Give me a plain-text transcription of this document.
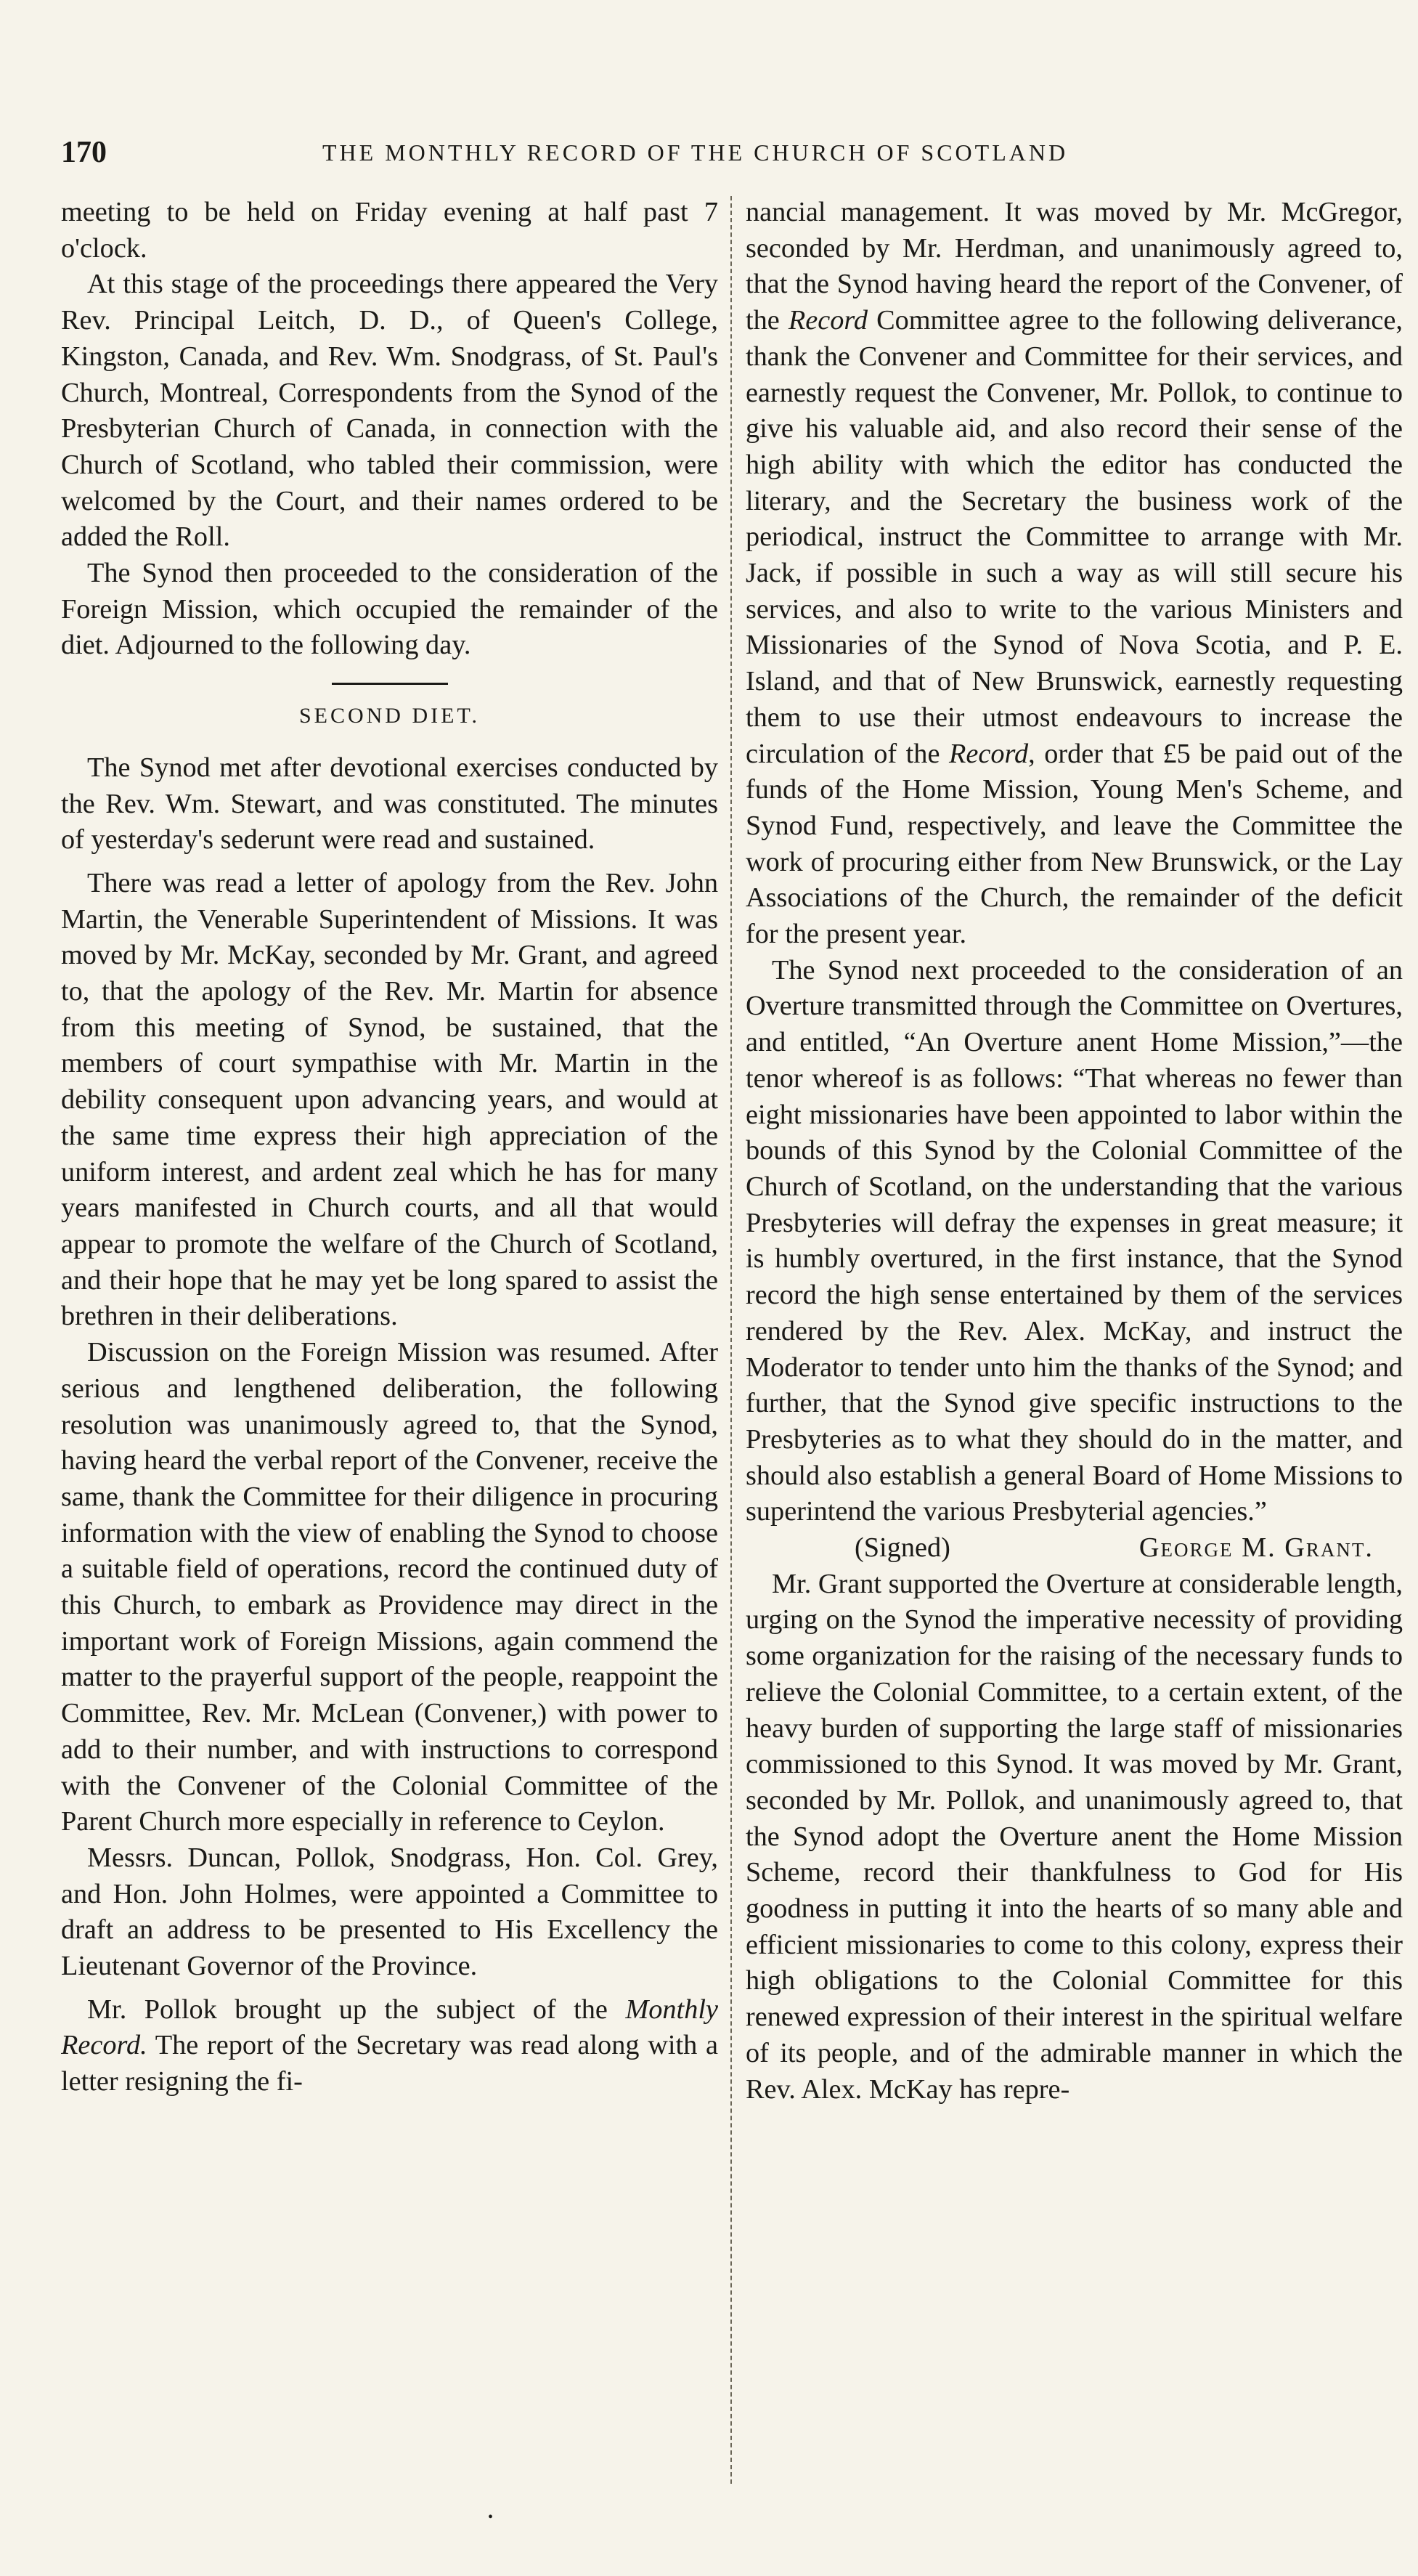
170	THE MONTHLY RECORD OF THE CHURCH OF SCOTLAND

meeting to be held on Friday evening at half past 7 o'clock.

At this stage of the proceedings there appeared the Very Rev. Principal Leitch, D. D., of Queen's College, Kingston, Canada, and Rev. Wm. Snodgrass, of St. Paul's Church, Montreal, Correspondents from the Synod of the Presbyterian Church of Canada, in connection with the Church of Scotland, who tabled their commission, were welcomed by the Court, and their names ordered to be added the Roll.

The Synod then proceeded to the consideration of the Foreign Mission, which occupied the remainder of the diet. Adjourned to the following day.

SECOND DIET.

The Synod met after devotional exercises conducted by the Rev. Wm. Stewart, and was constituted. The minutes of yesterday's sederunt were read and sustained.

There was read a letter of apology from the Rev. John Martin, the Venerable Superintendent of Missions. It was moved by Mr. McKay, seconded by Mr. Grant, and agreed to, that the apology of the Rev. Mr. Martin for absence from this meeting of Synod, be sustained, that the members of court sympathise with Mr. Martin in the debility consequent upon advancing years, and would at the same time express their high appreciation of the uniform interest, and ardent zeal which he has for many years manifested in Church courts, and all that would appear to promote the welfare of the Church of Scotland, and their hope that he may yet be long spared to assist the brethren in their deliberations.

Discussion on the Foreign Mission was resumed. After serious and lengthened deliberation, the following resolution was unanimously agreed to, that the Synod, having heard the verbal report of the Convener, receive the same, thank the Committee for their diligence in procuring information with the view of enabling the Synod to choose a suitable field of operations, record the continued duty of this Church, to embark as Providence may direct in the important work of Foreign Missions, again commend the matter to the prayerful support of the people, reappoint the Committee, Rev. Mr. McLean (Convener,) with power to add to their number, and with instructions to correspond with the Convener of the Colonial Committee of the Parent Church more especially in reference to Ceylon.

Messrs. Duncan, Pollok, Snodgrass, Hon. Col. Grey, and Hon. John Holmes, were appointed a Committee to draft an address to be presented to His Excellency the Lieutenant Governor of the Province.

Mr. Pollok brought up the subject of the Monthly Record. The report of the Secretary was read along with a letter resigning the fi-

nancial management. It was moved by Mr. McGregor, seconded by Mr. Herdman, and unanimously agreed to, that the Synod having heard the report of the Convener, of the Record Committee agree to the following deliverance, thank the Convener and Committee for their services, and earnestly request the Convener, Mr. Pollok, to continue to give his valuable aid, and also record their sense of the high ability with which the editor has conducted the literary, and the Secretary the business work of the periodical, instruct the Committee to arrange with Mr. Jack, if possible in such a way as will still secure his services, and also to write to the various Ministers and Missionaries of the Synod of Nova Scotia, and P. E. Island, and that of New Brunswick, earnestly requesting them to use their utmost endeavours to increase the circulation of the Record, order that £5 be paid out of the funds of the Home Mission, Young Men's Scheme, and Synod Fund, respectively, and leave the Committee the work of procuring either from New Brunswick, or the Lay Associations of the Church, the remainder of the deficit for the present year.

The Synod next proceeded to the consideration of an Overture transmitted through the Committee on Overtures, and entitled, “An Overture anent Home Mission,”—the tenor whereof is as follows: “That whereas no fewer than eight missionaries have been appointed to labor within the bounds of this Synod by the Colonial Committee of the Church of Scotland, on the understanding that the various Presbyteries will defray the expenses in great measure; it is humbly overtured, in the first instance, that the Synod record the high sense entertained by them of the services rendered by the Rev. Alex. McKay, and instruct the Moderator to tender unto him the thanks of the Synod; and further, that the Synod give specific instructions to the Presbyteries as to what they should do in the matter, and should also establish a general Board of Home Missions to superintend the various Presbyterial agencies.”

(Signed)	George M. Grant.

Mr. Grant supported the Overture at considerable length, urging on the Synod the imperative necessity of providing some organization for the raising of the necessary funds to relieve the Colonial Committee, to a certain extent, of the heavy burden of supporting the large staff of missionaries commissioned to this Synod. It was moved by Mr. Grant, seconded by Mr. Pollok, and unanimously agreed to, that the Synod adopt the Overture anent the Home Mission Scheme, record their thankfulness to God for His goodness in putting it into the hearts of so many able and efficient missionaries to come to this colony, express their high obligations to the Colonial Committee for this renewed expression of their interest in the spiritual welfare of its people, and of the admirable manner in which the Rev. Alex. McKay has repre-

•
